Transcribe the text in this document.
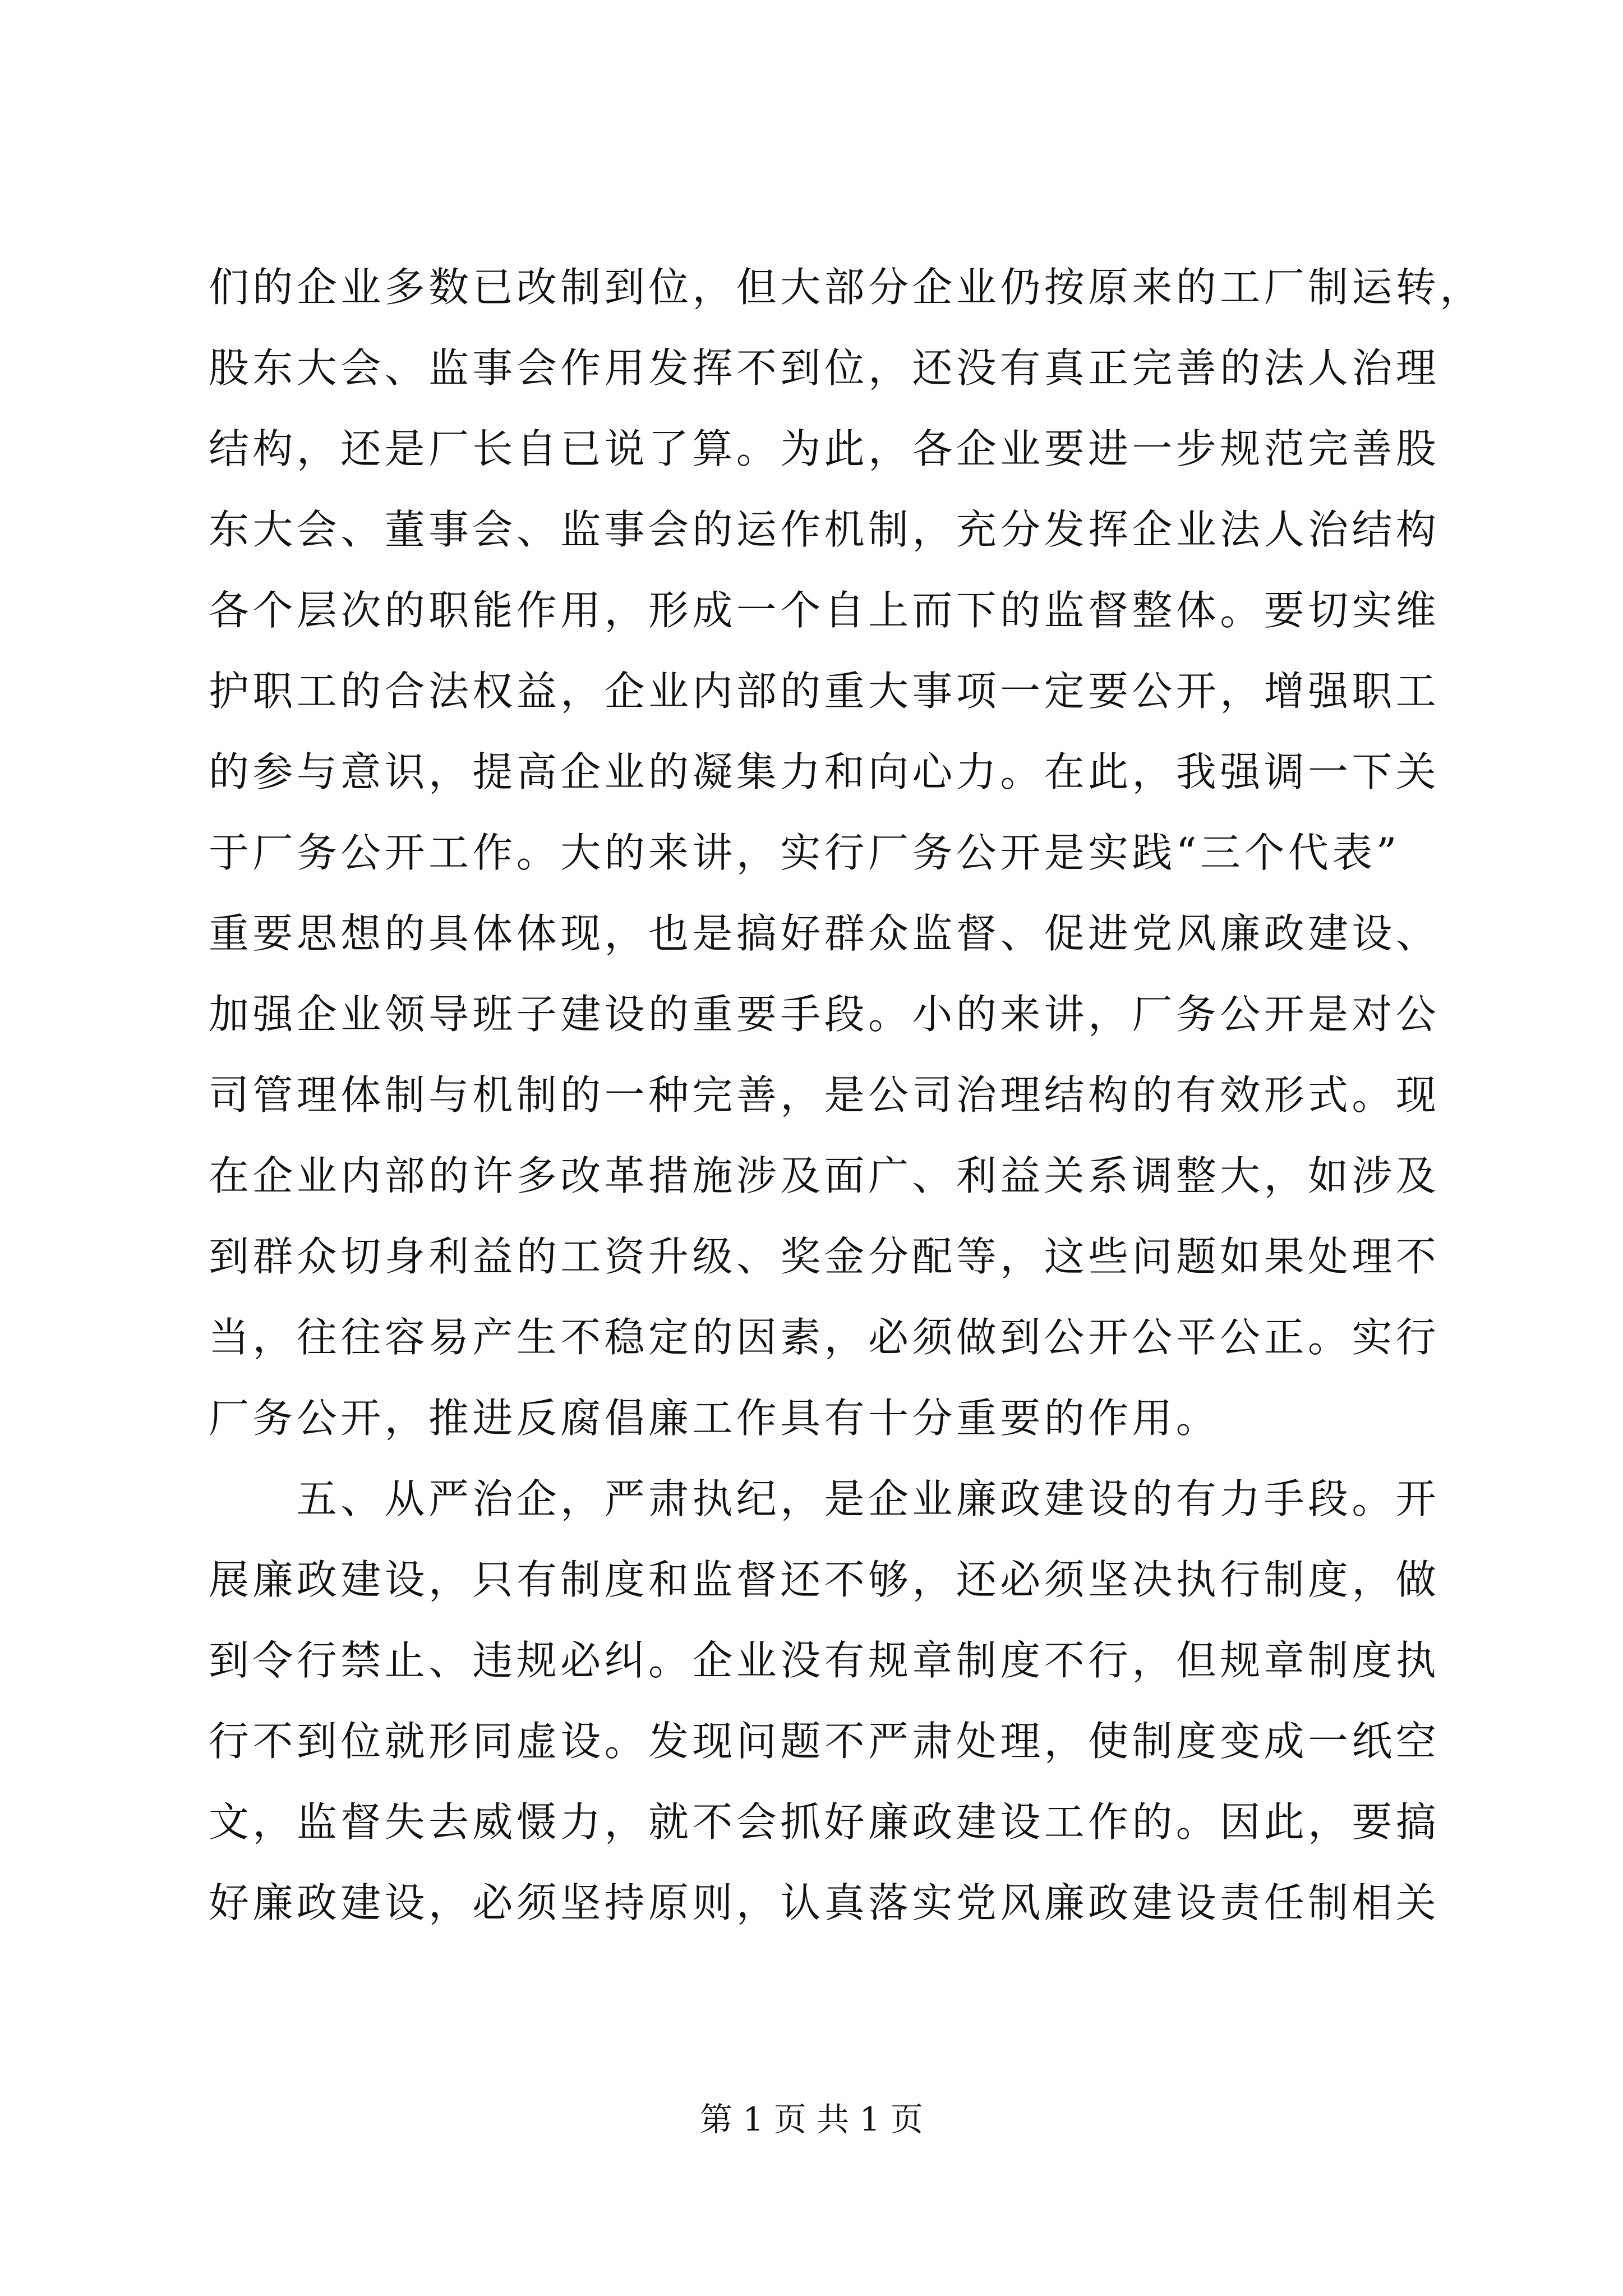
们的企业多数已改制到位，但大部分企业仍按原来的工厂制运转，
股东大会、监事会作用发挥不到位，还没有真正完善的法人治理
结构，还是厂长自已说了算。为此，各企业要进一步规范完善股
东大会、董事会、监事会的运作机制，充分发挥企业法人治结构
各个层次的职能作用，形成一个自上而下的监督整体。要切实维
护职工的合法权益，企业内部的重大事项一定要公开，增强职工
的参与意识，提高企业的凝集力和向心力。在此，我强调一下关
于厂务公开工作。大的来讲，实行厂务公开是实践“三个代表”
重要思想的具体体现，也是搞好群众监督、促进党风廉政建设、
加强企业领导班子建设的重要手段。小的来讲，厂务公开是对公
司管理体制与机制的一种完善，是公司治理结构的有效形式。现
在企业内部的许多改革措施涉及面广、利益关系调整大，如涉及
到群众切身利益的工资升级、奖金分配等，这些问题如果处理不
当，往往容易产生不稳定的因素，必须做到公开公平公正。实行
厂务公开，推进反腐倡廉工作具有十分重要的作用。
　　五、从严治企，严肃执纪，是企业廉政建设的有力手段。开
展廉政建设，只有制度和监督还不够，还必须坚决执行制度，做
到令行禁止、违规必纠。企业没有规章制度不行，但规章制度执
行不到位就形同虚设。发现问题不严肃处理，使制度变成一纸空
文，监督失去威慑力，就不会抓好廉政建设工作的。因此，要搞
好廉政建设，必须坚持原则，认真落实党风廉政建设责任制相关
第 1 页 共 1 页
